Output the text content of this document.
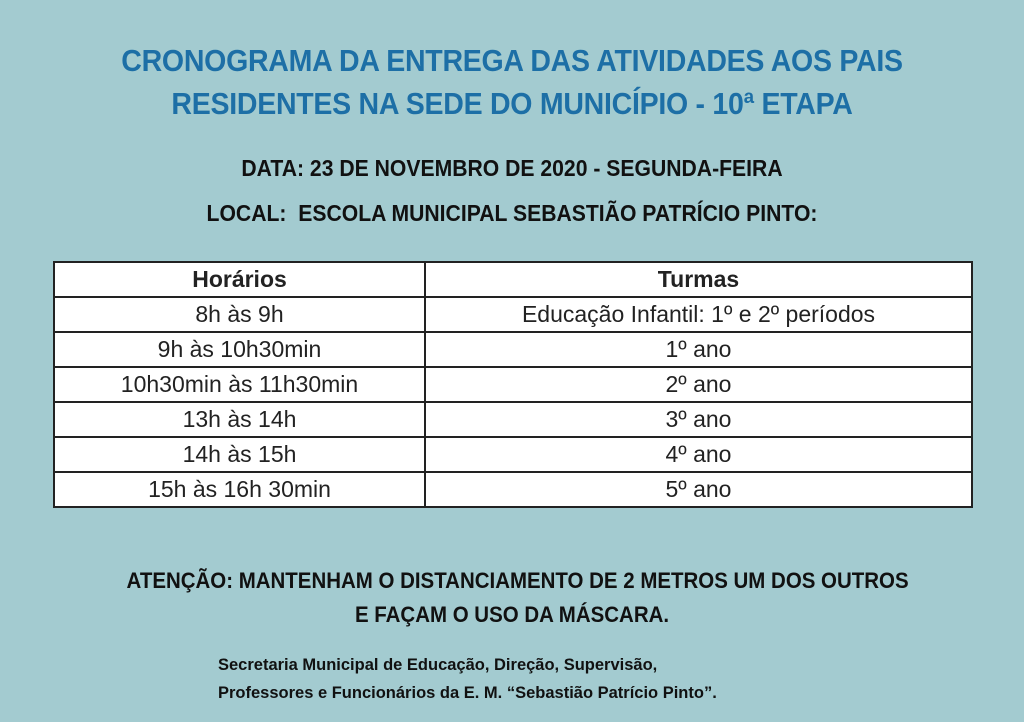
CRONOGRAMA DA ENTREGA DAS ATIVIDADES AOS PAIS
RESIDENTES NA SEDE DO MUNICÍPIO - 10ª ETAPA
DATA: 23 DE NOVEMBRO DE 2020 - SEGUNDA-FEIRA
LOCAL:  ESCOLA MUNICIPAL SEBASTIÃO PATRÍCIO PINTO:
Horários	Turmas
8h às 9h	Educação Infantil: 1º e 2º períodos
9h às 10h30min	1º ano
10h30min às 11h30min	2º ano
13h às 14h	3º ano
14h às 15h	4º ano
15h às 16h 30min	5º ano
ATENÇÃO: MANTENHAM O DISTANCIAMENTO DE 2 METROS UM DOS OUTROS
E FAÇAM O USO DA MÁSCARA.
Secretaria Municipal de Educação, Direção, Supervisão,
Professores e Funcionários da E. M. “Sebastião Patrício Pinto”.
